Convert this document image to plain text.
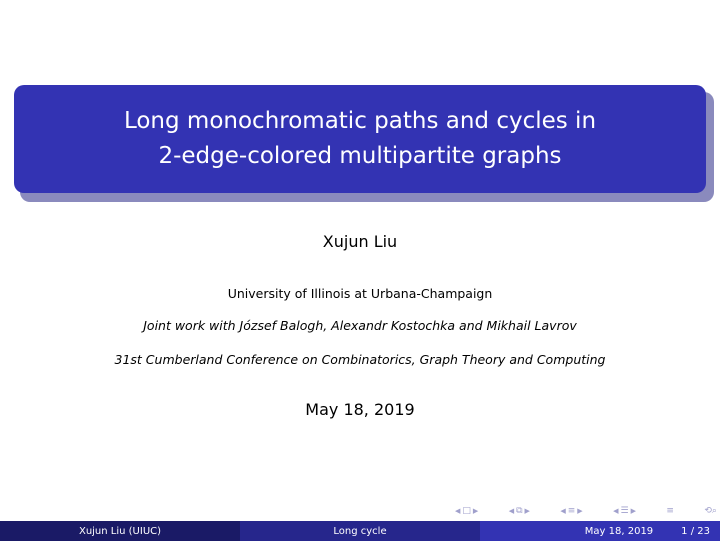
Long monochromatic paths and cycles in
2-edge-colored multipartite graphs
Xujun Liu
University of Illinois at Urbana-Champaign
Joint work with József Balogh, Alexandr Kostochka and Mikhail Lavrov
31st Cumberland Conference on Combinatorics, Graph Theory and Computing
May 18, 2019
◀ □ ▶	◀ ⧉ ▶	◀ ≡ ▶	◀ ☰ ▶	≡	⟲⌕
Xujun Liu (UIUC)	Long cycle	May 18, 2019	1 / 23
